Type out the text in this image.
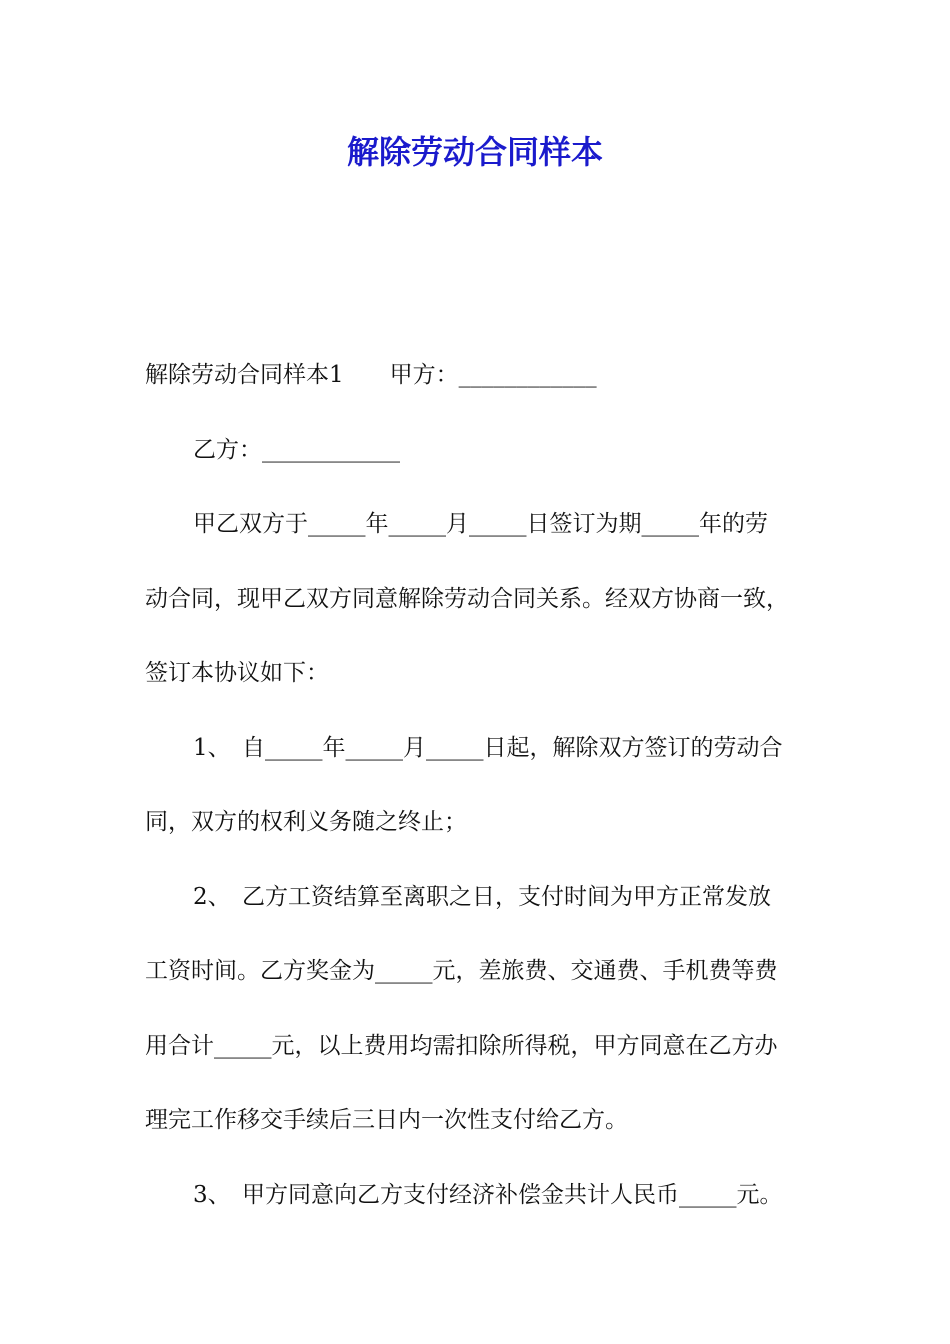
解除劳动合同样本
解除劳动合同样本1 甲方：____________
乙方：____________
甲乙双方于_____年_____月_____日签订为期_____年的劳
动合同，现甲乙双方同意解除劳动合同关系。经双方协商一致，
签订本协议如下：
1、 自_____年_____月_____日起，解除双方签订的劳动合
同，双方的权利义务随之终止；
2、 乙方工资结算至离职之日，支付时间为甲方正常发放
工资时间。乙方奖金为_____元，差旅费、交通费、手机费等费
用合计_____元，以上费用均需扣除所得税，甲方同意在乙方办
理完工作移交手续后三日内一次性支付给乙方。
3、 甲方同意向乙方支付经济补偿金共计人民币_____元。
